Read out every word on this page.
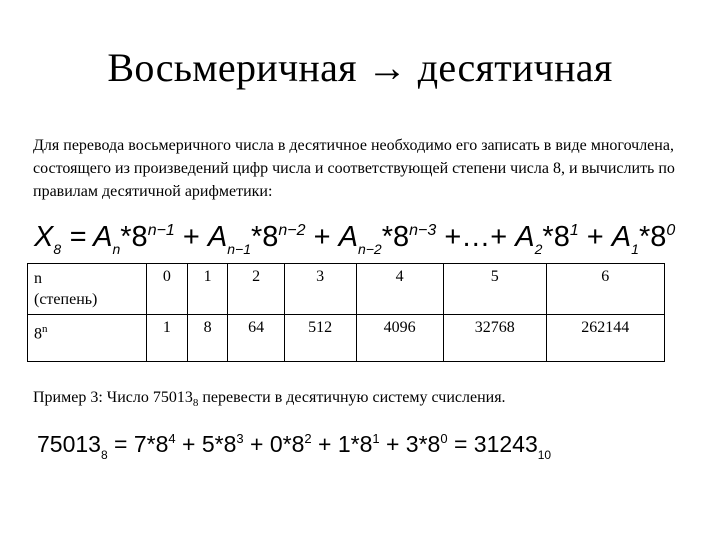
Восьмеричная → десятичная
Для перевода восьмеричного числа в десятичное необходимо его записать в виде многочлена, состоящего из произведений цифр числа и соответствующей степени числа 8, и вычислить по правилам десятичной арифметики:
$X_8 = A_n*8^{n-1} + A_{n-1}*8^{n-2} + A_{n-2}*8^{n-3}$ +…+ $A_2*8^1 + A_1*8^0$
n
(степень)	0	1	2	3	4	5	6
8$^n$	1	8	64	512	4096	32768	262144
Пример 3: Число $75013_8$ перевести в десятичную систему счисления.
$75013_8 = 7*8^4 + 5*8^3 + 0*8^2 + 1*8^1 + 3*8^0 = 31243_{10}$
